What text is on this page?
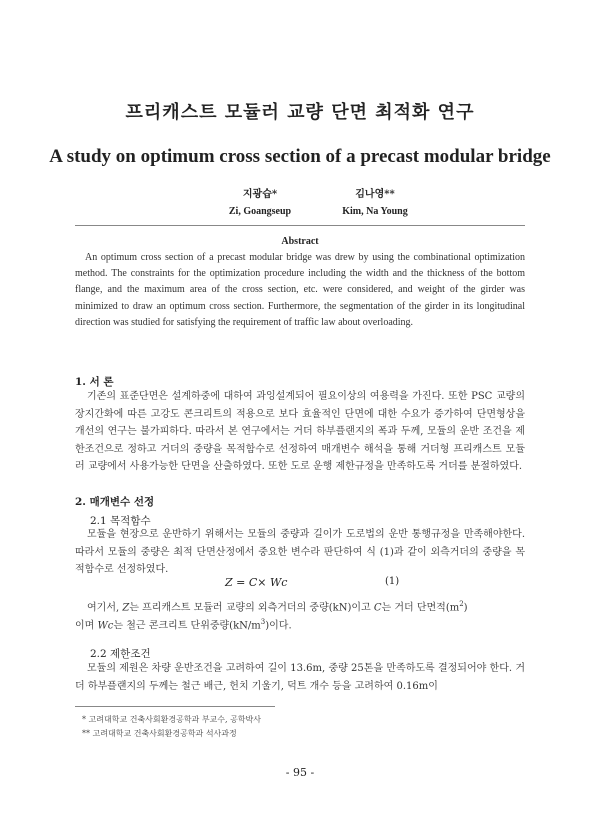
프리캐스트 모듈러 교량 단면 최적화 연구
A study on optimum cross section of a precast modular bridge
지광습*
Zi, Goangseup
김나영**
Kim, Na Young
Abstract
An optimum cross section of a precast modular bridge was drew by using the combinational optimization method. The constraints for the optimization procedure including the width and the thickness of the bottom flange, and the maximum area of the cross section, etc. were considered, and weight of the girder was minimized to draw an optimum cross section. Furthermore, the segmentation of the girder in its longitudinal direction was studied for satisfying the requirement of traffic law about overloading.
1. 서 론
기존의 표준단면은 설계하중에 대하여 과잉설계되어 필요이상의 여용력을 가진다. 또한 PSC 교량의 장지간화에 따른 고강도 콘크리트의 적용으로 보다 효율적인 단면에 대한 수요가 증가하여 단면형상을 개선의 연구는 불가피하다. 따라서 본 연구에서는 거더 하부플랜지의 폭과 두께, 모듈의 운반 조건을 제한조건으로 정하고 거더의 중량을 목적함수로 선정하여 매개변수 해석을 통해 거더형 프리캐스트 모듈러 교량에서 사용가능한 단면을 산출하였다. 또한 도로 운행 제한규정을 만족하도록 거더를 분절하였다.
2. 매개변수 선정
2.1 목적함수
모듈을 현장으로 운반하기 위해서는 모듈의 중량과 길이가 도로법의 운반 통행규정을 만족해야한다. 따라서 모듈의 중량은 최적 단면산정에서 중요한 변수라 판단하여 식 (1)과 같이 외측거더의 중량을 목적함수로 선정하였다.
Z = C× Wc	(1)
여기서, Z는 프리캐스트 모듈러 교량의 외측거더의 중량(kN)이고 C는 거더 단면적$(m^2)$
이며 Wc는 철근 콘크리트 단위중량$(kN/m^3)$이다.
2.2 제한조건
모듈의 제원은 차량 운반조건을 고려하여 길이 13.6m, 중량 25톤을 만족하도록 결정되어야 한다. 거더 하부플랜지의 두께는 철근 배근, 헌치 기울기, 덕트 개수 등을 고려하여 0.16m이
* 고려대학교 건축사회환경공학과 부교수, 공학박사
** 고려대학교 건축사회환경공학과 석사과정
- 95 -
